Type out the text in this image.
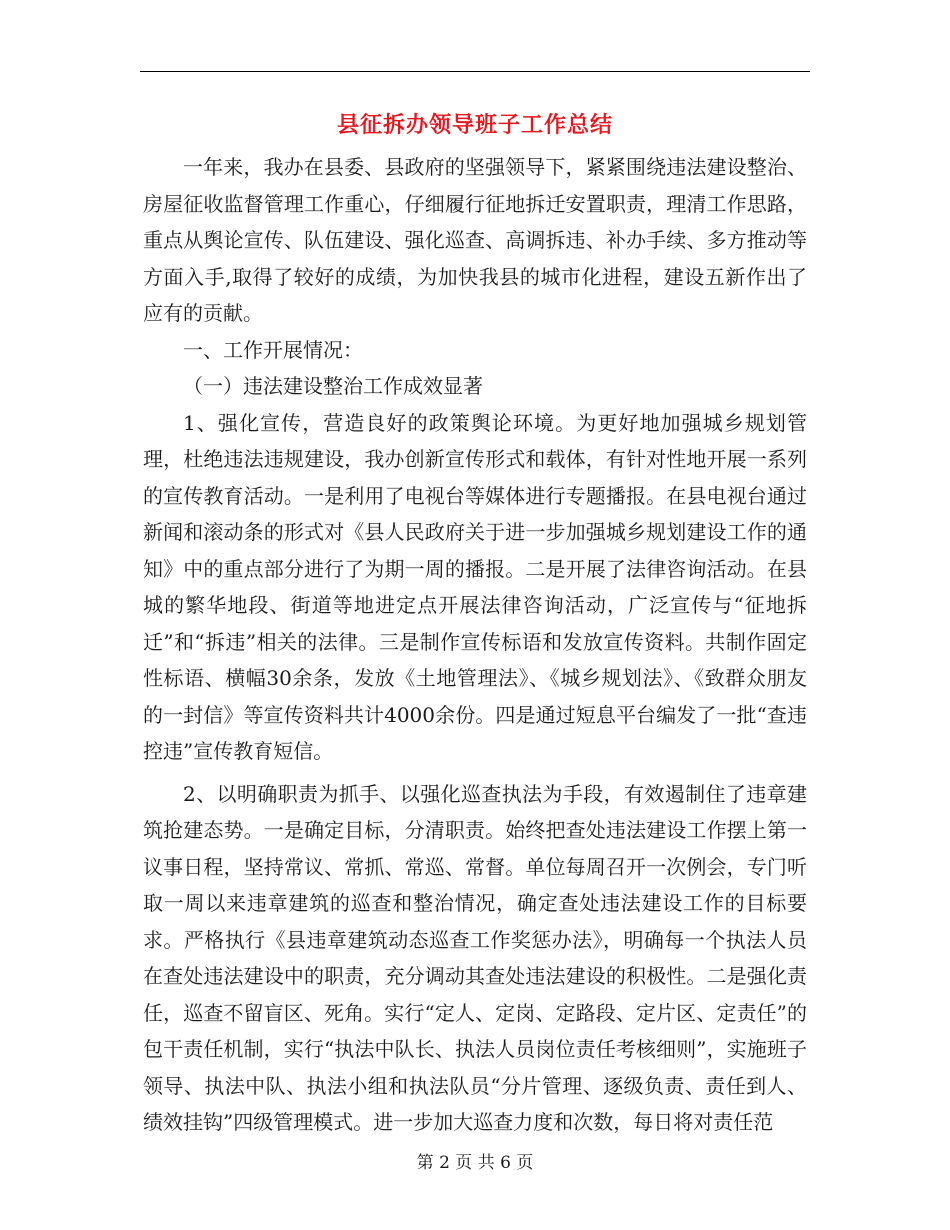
县征拆办领导班子工作总结

一年来，我办在县委、县政府的坚强领导下，紧紧围绕违法建设整治、房屋征收监督管理工作重心，仔细履行征地拆迁安置职责，理清工作思路，重点从舆论宣传、队伍建设、强化巡查、高调拆违、补办手续、多方推动等方面入手,取得了较好的成绩，为加快我县的城市化进程，建设五新作出了应有的贡献。

一、工作开展情况：

（一）违法建设整治工作成效显著

1、强化宣传，营造良好的政策舆论环境。为更好地加强城乡规划管理，杜绝违法违规建设，我办创新宣传形式和载体，有针对性地开展一系列的宣传教育活动。一是利用了电视台等媒体进行专题播报。在县电视台通过新闻和滚动条的形式对《县人民政府关于进一步加强城乡规划建设工作的通知》中的重点部分进行了为期一周的播报。二是开展了法律咨询活动。在县城的繁华地段、街道等地进定点开展法律咨询活动，广泛宣传与“征地拆迁”和“拆违”相关的法律。三是制作宣传标语和发放宣传资料。共制作固定性标语、横幅30余条，发放《土地管理法》、《城乡规划法》、《致群众朋友的一封信》等宣传资料共计4000余份。四是通过短息平台编发了一批“查违控违”宣传教育短信。

2、以明确职责为抓手、以强化巡查执法为手段，有效遏制住了违章建筑抢建态势。一是确定目标，分清职责。始终把查处违法建设工作摆上第一议事日程，坚持常议、常抓、常巡、常督。单位每周召开一次例会，专门听取一周以来违章建筑的巡查和整治情况，确定查处违法建设工作的目标要求。严格执行《县违章建筑动态巡查工作奖惩办法》，明确每一个执法人员在查处违法建设中的职责，充分调动其查处违法建设的积极性。二是强化责任，巡查不留盲区、死角。实行“定人、定岗、定路段、定片区、定责任”的包干责任机制，实行“执法中队长、执法人员岗位责任考核细则”，实施班子领导、执法中队、执法小组和执法队员“分片管理、逐级负责、责任到人、绩效挂钩”四级管理模式。进一步加大巡查力度和次数，每日将对责任范

第 2 页 共 6 页
